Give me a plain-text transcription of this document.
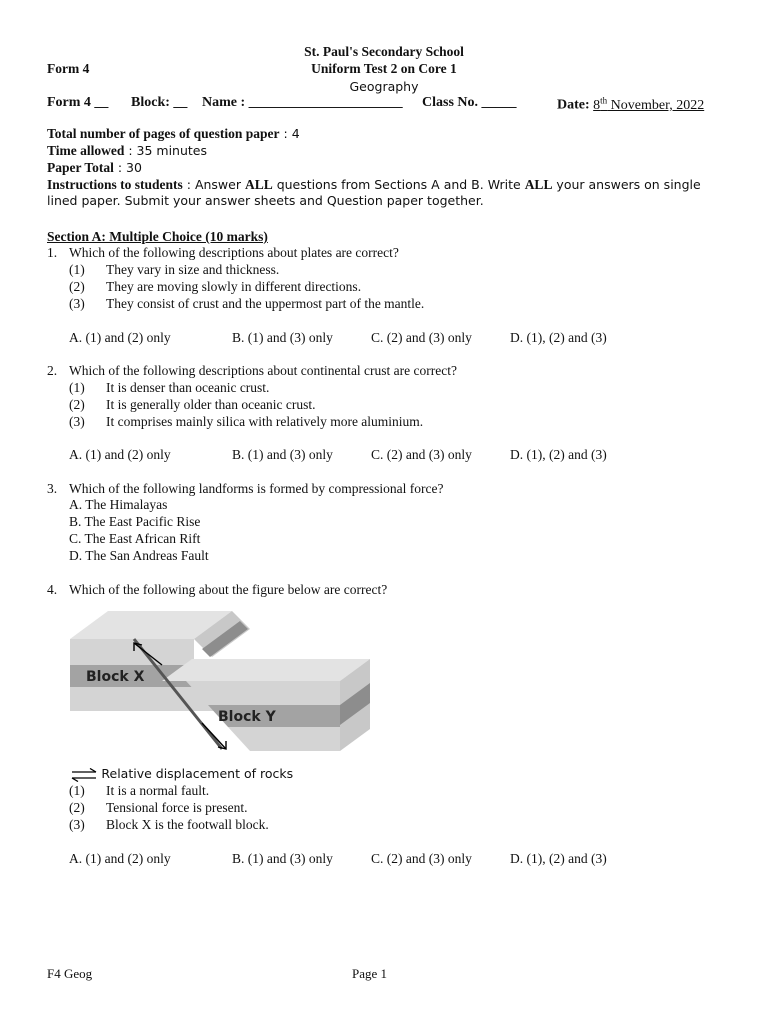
St. Paul's Secondary School
Form 4	Uniform Test 2 on Core 1
Geography
Form 4 __ Block: __ Name : ______________________ Class No. _____	Date: 8th November, 2022
Total number of pages of question paper : 4
Time allowed : 35 minutes
Paper Total : 30
Instructions to students : Answer ALL questions from Sections A and B. Write ALL your answers on single
lined paper. Submit your answer sheets and Question paper together.
Section A: Multiple Choice (10 marks)
1. Which of the following descriptions about plates are correct?
(1) They vary in size and thickness.
(2) They are moving slowly in different directions.
(3) They consist of crust and the uppermost part of the mantle.
A. (1) and (2) only	B. (1) and (3) only	C. (2) and (3) only	D. (1), (2) and (3)
2. Which of the following descriptions about continental crust are correct?
(1) It is denser than oceanic crust.
(2) It is generally older than oceanic crust.
(3) It comprises mainly silica with relatively more aluminium.
A. (1) and (2) only	B. (1) and (3) only	C. (2) and (3) only	D. (1), (2) and (3)
3. Which of the following landforms is formed by compressional force?
A. The Himalayas
B. The East Pacific Rise
C. The East African Rift
D. The San Andreas Fault
4. Which of the following about the figure below are correct?
Block X
Block Y
Relative displacement of rocks
(1) It is a normal fault.
(2) Tensional force is present.
(3) Block X is the footwall block.
A. (1) and (2) only	B. (1) and (3) only	C. (2) and (3) only	D. (1), (2) and (3)
F4 Geog	Page 1
